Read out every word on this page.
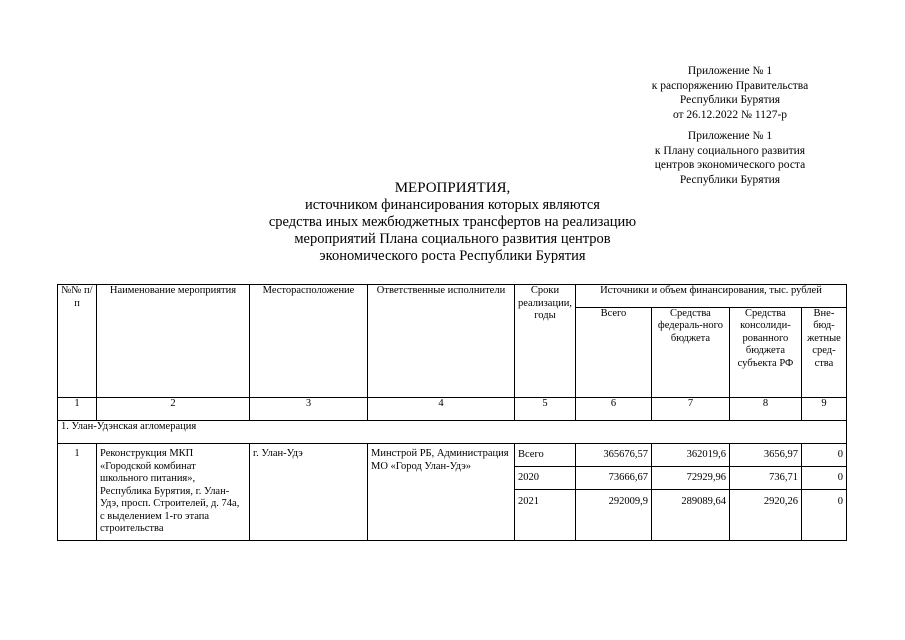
Приложение № 1
к распоряжению Правительства
Республики Бурятия
от 26.12.2022 № 1127-р
Приложение № 1
к Плану социального развития
центров экономического роста
Республики Бурятия
МЕРОПРИЯТИЯ,
источником финансирования которых являются
средства иных межбюджетных трансфертов на реализацию
мероприятий Плана социального развития центров
экономического роста Республики Бурятия
№№ п/п	Наименование мероприятия	Месторасположение	Ответственные исполнители	Сроки реализации, годы	Источники и объем финансирования, тыс. рублей			
					Всего	Средства федераль-ного бюджета	Средства консолиди-рованного бюджета субъекта РФ	Вне-бюд-жетные сред-ства
1	2	3	4	5	6	7	8	9
1. Улан-Удэнская агломерация								
1	Реконструкция МКП «Городской комбинат школьного питания», Республика Бурятия, г. Улан-Удэ, просп. Строителей, д. 74а, с выделением 1-го этапа строительства	г. Улан-Удэ	Минстрой РБ, Администрация МО «Город Улан-Удэ»	Всего	365676,57	362019,6	3656,97	0
				2020	73666,67	72929,96	736,71	0
				2021	292009,9	289089,64	2920,26	0
